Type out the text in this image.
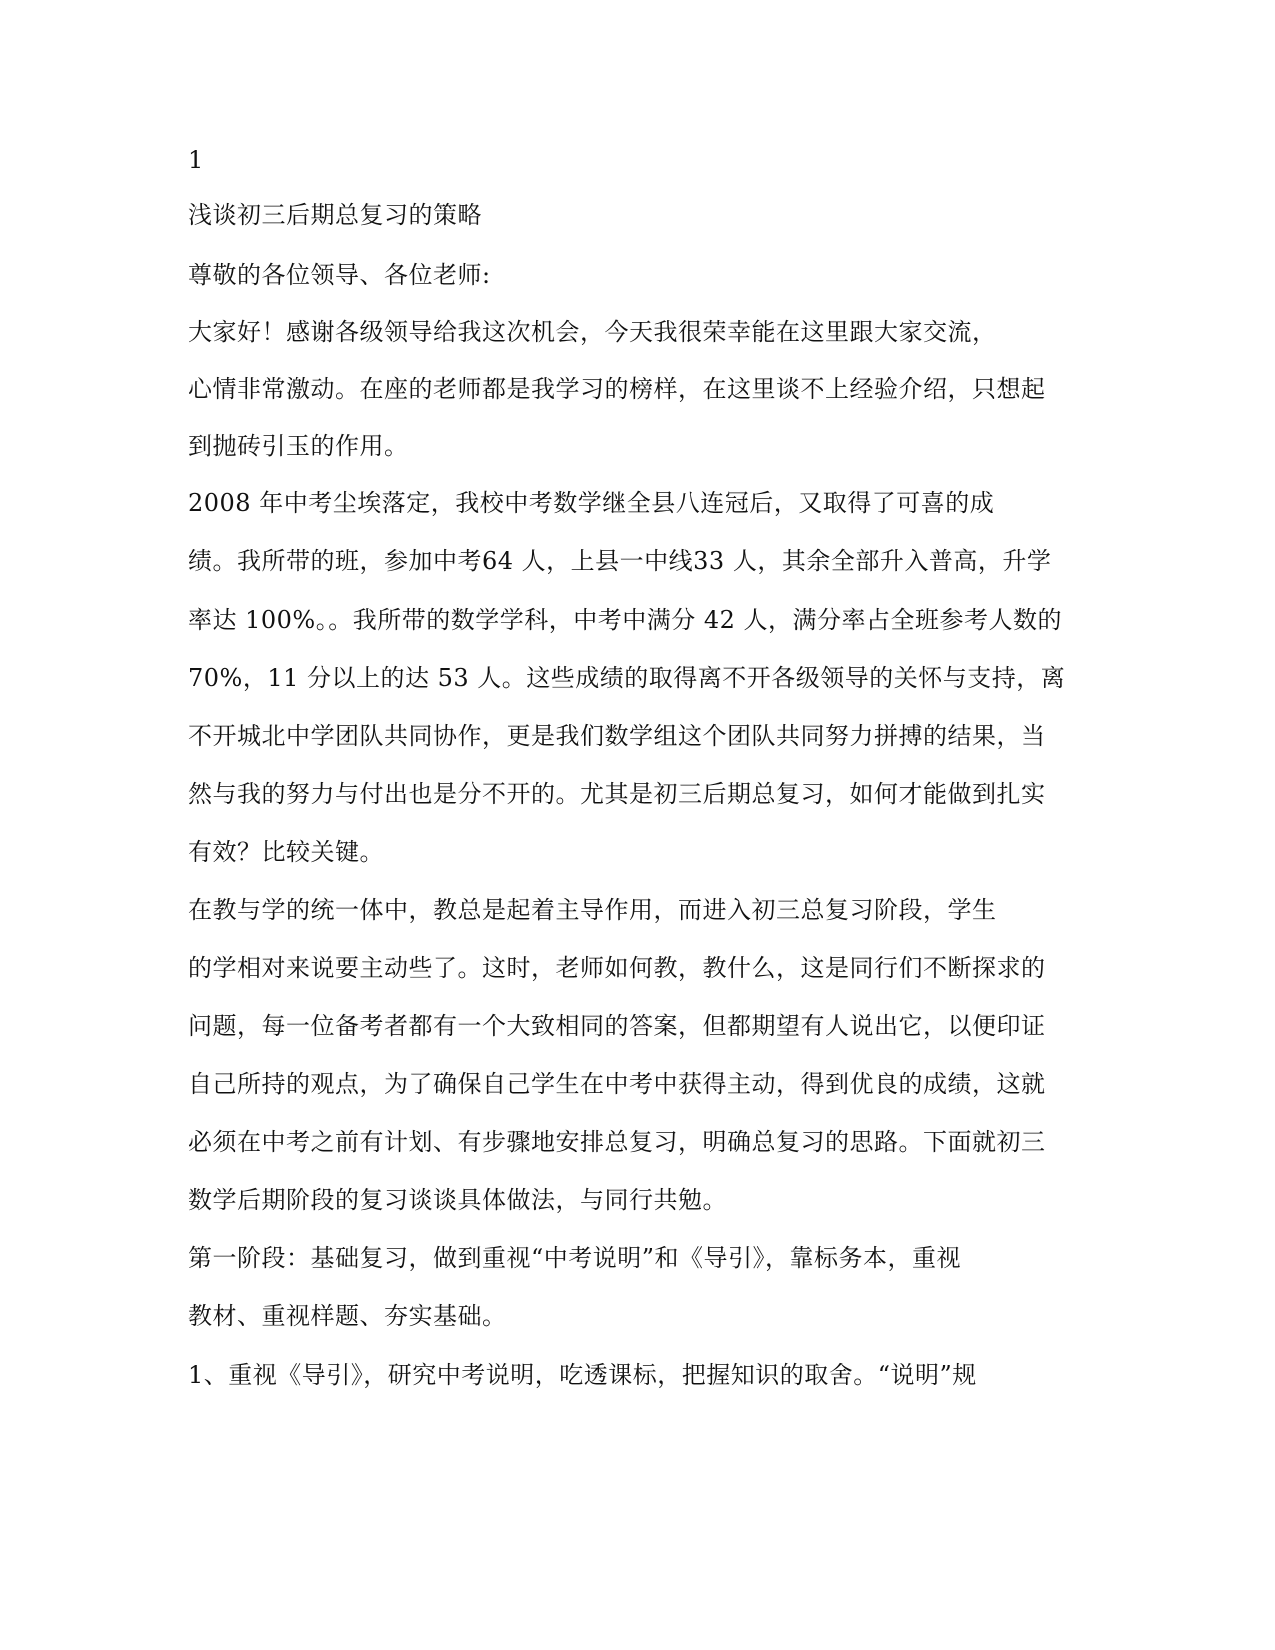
1
浅谈初三后期总复习的策略
尊敬的各位领导、各位老师:
大家好！感谢各级领导给我这次机会，今天我很荣幸能在这里跟大家交流，
心情非常激动。在座的老师都是我学习的榜样，在这里谈不上经验介绍，只想起
到抛砖引玉的作用。
2008 年中考尘埃落定，我校中考数学继全县八连冠后，又取得了可喜的成
绩。我所带的班，参加中考64 人，上县一中线33 人，其余全部升入普高，升学
率达 100%。。我所带的数学学科，中考中满分 42 人，满分率占全班参考人数的
70%，11 分以上的达 53 人。这些成绩的取得离不开各级领导的关怀与支持，离
不开城北中学团队共同协作，更是我们数学组这个团队共同努力拼搏的结果，当
然与我的努力与付出也是分不开的。尤其是初三后期总复习，如何才能做到扎实
有效？比较关键。
在教与学的统一体中，教总是起着主导作用，而进入初三总复习阶段，学生
的学相对来说要主动些了。这时，老师如何教，教什么，这是同行们不断探求的
问题，每一位备考者都有一个大致相同的答案，但都期望有人说出它，以便印证
自己所持的观点，为了确保自己学生在中考中获得主动，得到优良的成绩，这就
必须在中考之前有计划、有步骤地安排总复习，明确总复习的思路。下面就初三
数学后期阶段的复习谈谈具体做法，与同行共勉。
第一阶段：基础复习，做到重视“中考说明”和《导引》，靠标务本，重视
教材、重视样题、夯实基础。
1、重视《导引》，研究中考说明，吃透课标，把握知识的取舍。“说明”规
